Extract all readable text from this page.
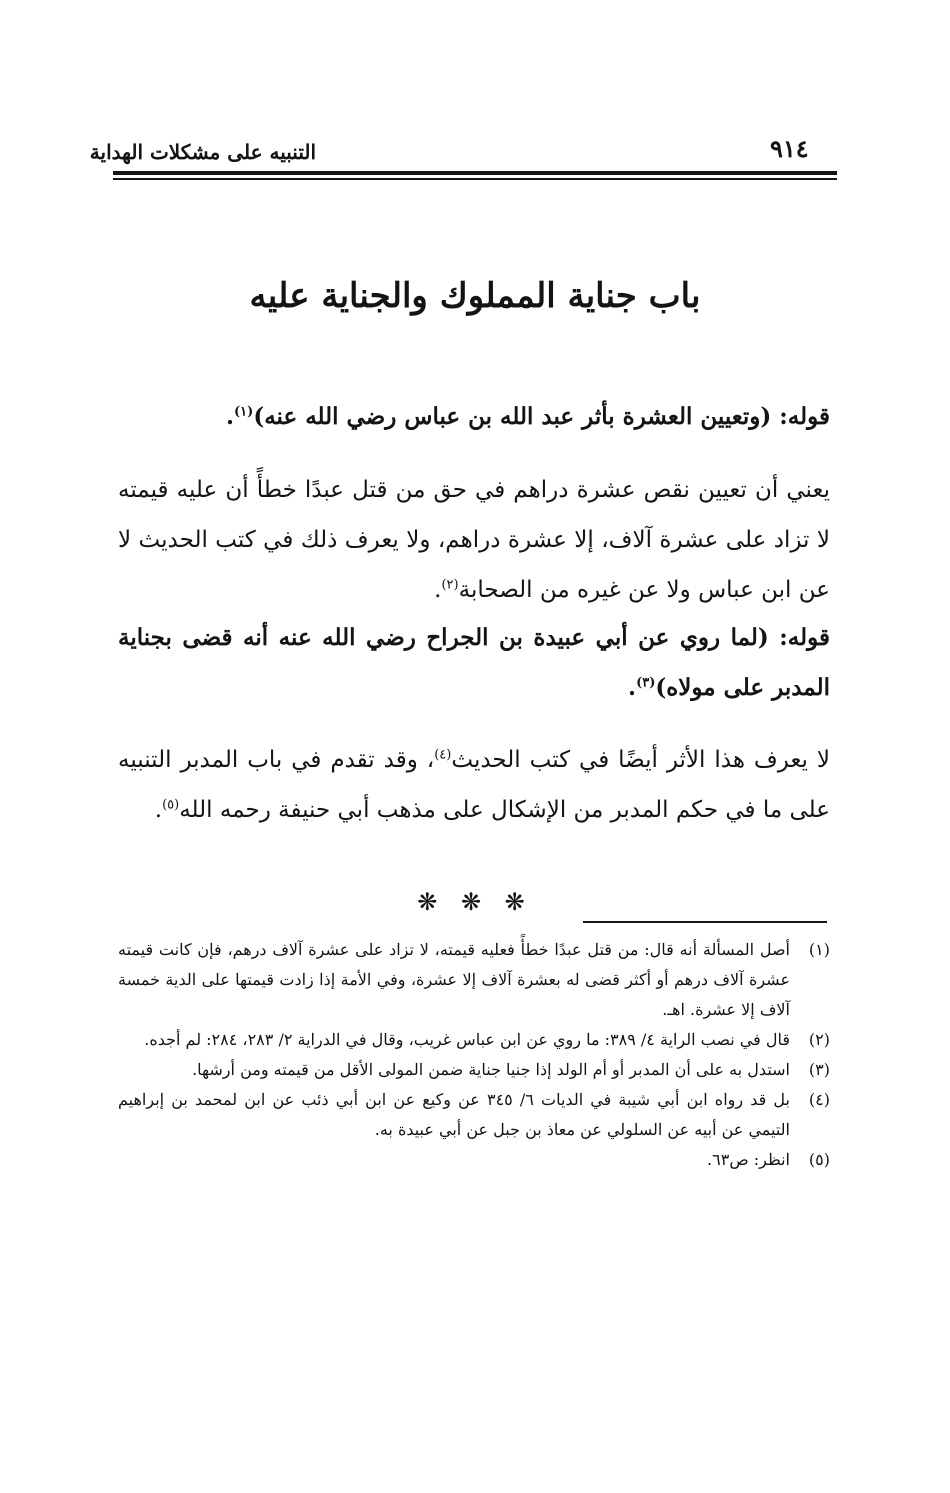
التنبيه على مشكلات الهداية	٩١٤
باب جناية المملوك والجناية عليه
قوله: (وتعيين العشرة بأثر عبد الله بن عباس رضي الله عنه)$^{(١)}$.
يعني أن تعيين نقص عشرة دراهم في حق من قتل عبدًا خطأً أن عليه قيمته لا تزاد على عشرة آلاف، إلا عشرة دراهم، ولا يعرف ذلك في كتب الحديث لا عن ابن عباس ولا عن غيره من الصحابة$^{(٢)}$.
قوله: (لما روي عن أبي عبيدة بن الجراح رضي الله عنه أنه قضى بجناية المدبر على مولاه)$^{(٣)}$.
لا يعرف هذا الأثر أيضًا في كتب الحديث$^{(٤)}$، وقد تقدم في باب المدبر التنبيه على ما في حكم المدبر من الإشكال على مذهب أبي حنيفة رحمه الله$^{(٥)}$.
❋ ❋ ❋
(١)
أصل المسألة أنه قال: من قتل عبدًا خطأً فعليه قيمته، لا تزاد على عشرة آلاف درهم، فإن كانت قيمته عشرة آلاف درهم أو أكثر قضى له بعشرة آلاف إلا عشرة، وفي الأمة إذا زادت قيمتها على الدية خمسة آلاف إلا عشرة. اهـ.
(٢)
قال في نصب الراية ٤/ ٣٨٩: ما روي عن ابن عباس غريب، وقال في الدراية ٢/ ٢٨٣، ٢٨٤: لم أجده.
(٣)
استدل به على أن المدبر أو أم الولد إذا جنيا جناية ضمن المولى الأقل من قيمته ومن أرشها.
(٤)
بل قد رواه ابن أبي شيبة في الديات ٦/ ٣٤٥ عن وكيع عن ابن أبي ذئب عن ابن لمحمد بن إبراهيم التيمي عن أبيه عن السلولي عن معاذ بن جبل عن أبي عبيدة به.
(٥)
انظر: ص٦٣.
